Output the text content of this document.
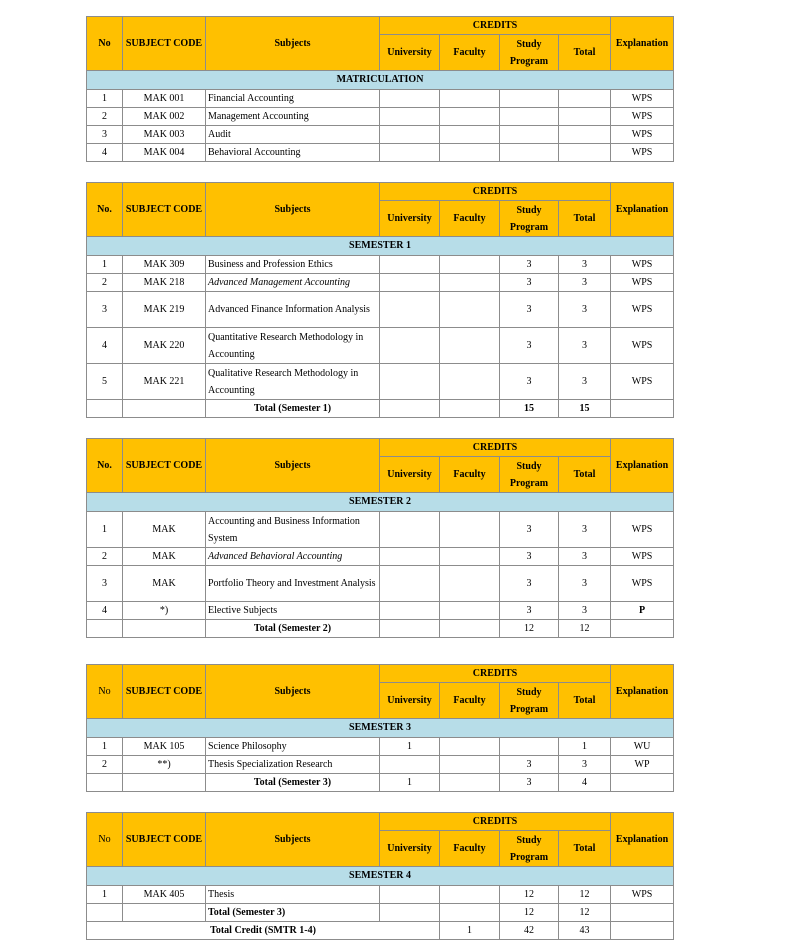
No	SUBJECT CODE	Subjects	CREDITS				Explanation
			University	Faculty	Study Program	Total	
MATRICULATION							
1	MAK 001	Financial Accounting					WPS
2	MAK 002	Management Accounting					WPS
3	MAK 003	Audit					WPS
4	MAK 004	Behavioral Accounting					WPS
No.	SUBJECT CODE	Subjects	CREDITS				Explanation
			University	Faculty	Study Program	Total	
SEMESTER 1							
1	MAK 309	Business and Profession Ethics			3	3	WPS
2	MAK 218	Advanced Management Accounting			3	3	WPS
3	MAK 219	Advanced Finance Information Analysis			3	3	WPS
4	MAK 220	Quantitative Research Methodology in Accounting			3	3	WPS
5	MAK 221	Qualitative Research Methodology in Accounting			3	3	WPS
		Total (Semester 1)			15	15	
No.	SUBJECT CODE	Subjects	CREDITS				Explanation
			University	Faculty	Study Program	Total	
SEMESTER 2							
1	MAK	Accounting and Business Information System			3	3	WPS
2	MAK	Advanced Behavioral Accounting			3	3	WPS
3	MAK	Portfolio Theory and Investment Analysis			3	3	WPS
4	*)	Elective Subjects			3	3	P
		Total (Semester 2)			12	12	
No	SUBJECT CODE	Subjects	CREDITS				Explanation
			University	Faculty	Study Program	Total	
SEMESTER 3							
1	MAK 105	Science Philosophy	1			1	WU
2	**)	Thesis Specialization Research			3	3	WP
		Total (Semester 3)	1		3	4	
No	SUBJECT CODE	Subjects	CREDITS				Explanation
			University	Faculty	Study Program	Total	
SEMESTER 4							
1	MAK 405	Thesis			12	12	WPS
		Total (Semester 3)			12	12	
Total Credit (SMTR 1-4)				1	42	43	
